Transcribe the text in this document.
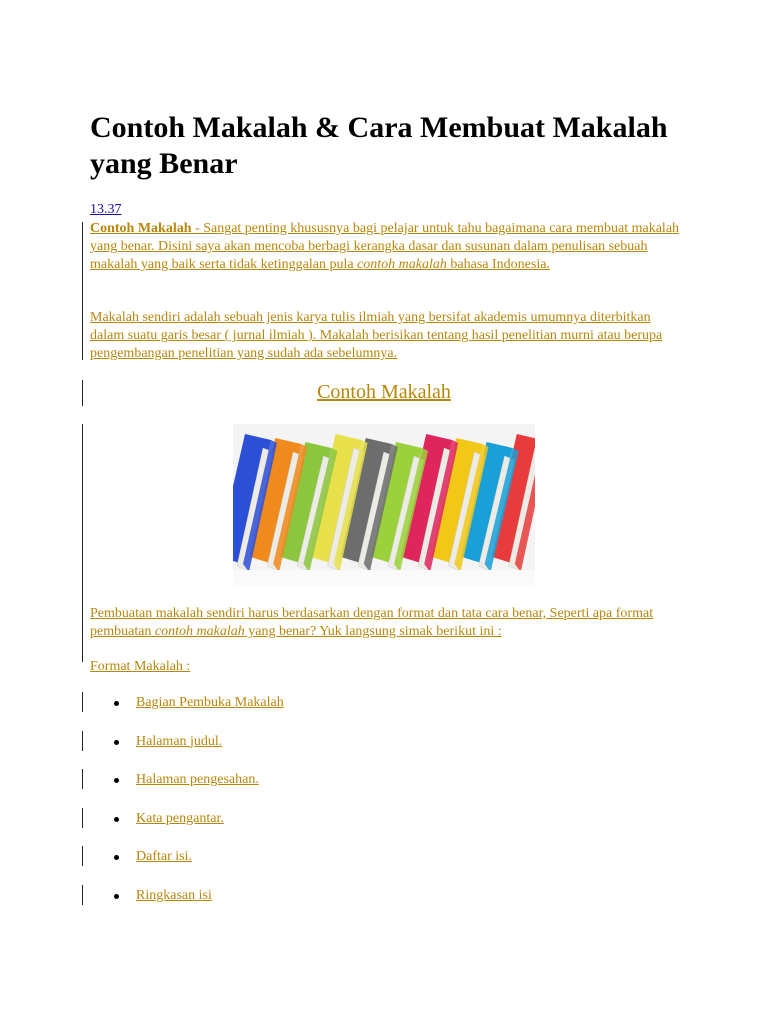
Contoh Makalah & Cara Membuat Makalah yang Benar
13.37

Contoh Makalah - Sangat penting khususnya bagi pelajar untuk tahu bagaimana cara membuat makalah yang benar. Disini saya akan mencoba berbagi kerangka dasar dan susunan dalam penulisan sebuah makalah yang baik serta tidak ketinggalan pula contoh makalah bahasa Indonesia.

Makalah sendiri adalah sebuah jenis karya tulis ilmiah yang bersifat akademis umumnya diterbitkan dalam suatu garis besar ( jurnal ilmiah ). Makalah berisikan tentang hasil penelitian murni atau berupa pengembangan penelitian yang sudah ada sebelumnya.

Contoh Makalah

Pembuatan makalah sendiri harus berdasarkan dengan format dan tata cara benar, Seperti apa format pembuatan contoh makalah yang benar? Yuk langsung simak berikut ini :

Format Makalah :

Bagian Pembuka Makalah
Halaman judul.
Halaman pengesahan.
Kata pengantar.
Daftar isi.
Ringkasan isi
